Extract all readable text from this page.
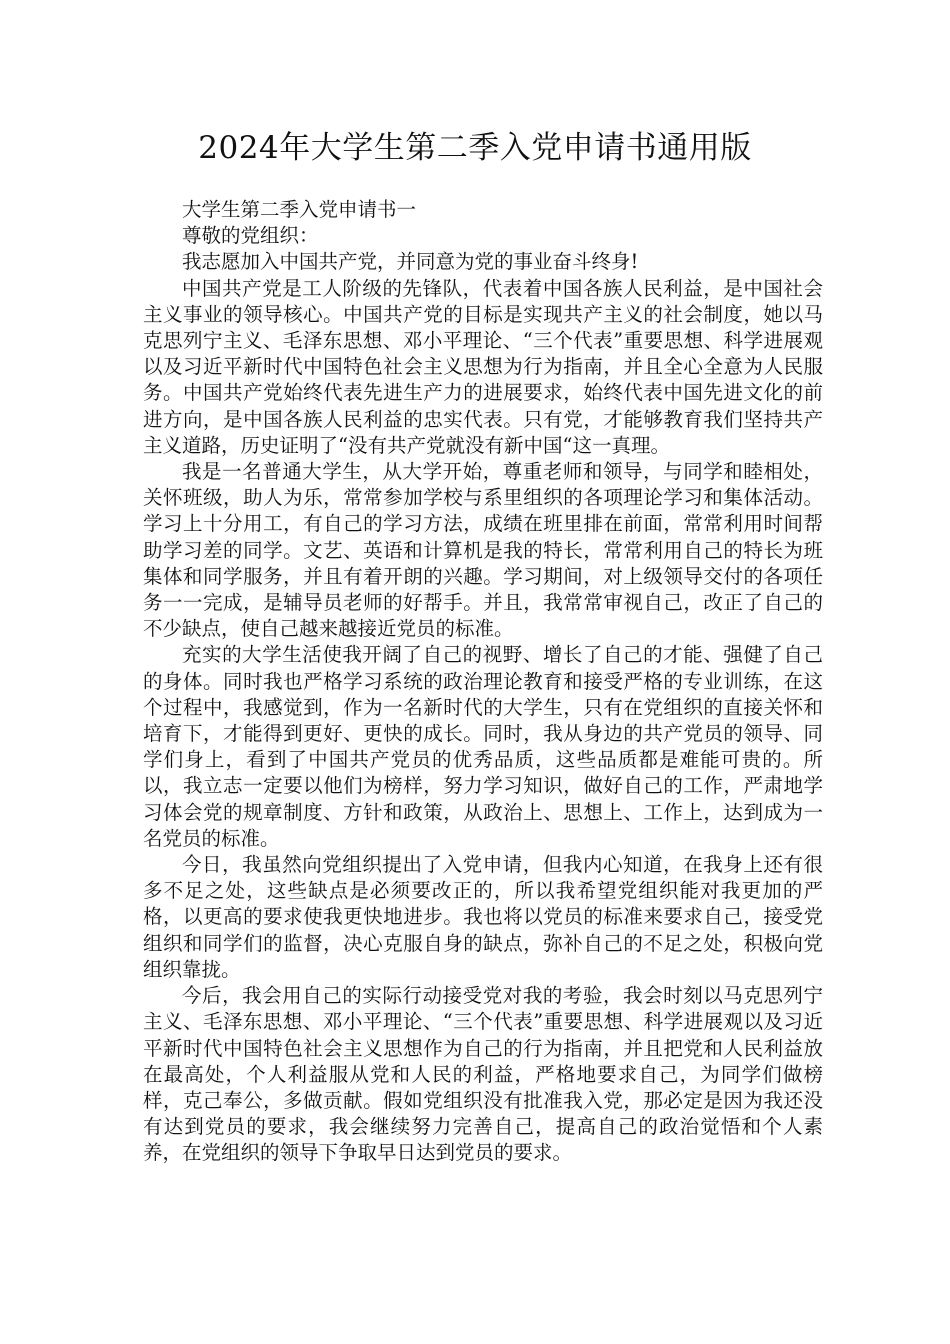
2024年大学生第二季入党申请书通用版

大学生第二季入党申请书一

尊敬的党组织：

我志愿加入中国共产党，并同意为党的事业奋斗终身!

中国共产党是工人阶级的先锋队，代表着中国各族人民利益，是中国社会主义事业的领导核心。中国共产党的目标是实现共产主义的社会制度，她以马克思列宁主义、毛泽东思想、邓小平理论、“三个代表”重要思想、科学进展观以及习近平新时代中国特色社会主义思想为行为指南，并且全心全意为人民服务。中国共产党始终代表先进生产力的进展要求，始终代表中国先进文化的前进方向，是中国各族人民利益的忠实代表。只有党，才能够教育我们坚持共产主义道路，历史证明了“没有共产党就没有新中国“这一真理。

我是一名普通大学生，从大学开始，尊重老师和领导，与同学和睦相处，关怀班级，助人为乐，常常参加学校与系里组织的各项理论学习和集体活动。学习上十分用工，有自己的学习方法，成绩在班里排在前面，常常利用时间帮助学习差的同学。文艺、英语和计算机是我的特长，常常利用自己的特长为班集体和同学服务，并且有着开朗的兴趣。学习期间，对上级领导交付的各项任务一一完成，是辅导员老师的好帮手。并且，我常常审视自己，改正了自己的不少缺点，使自己越来越接近党员的标准。

充实的大学生活使我开阔了自己的视野、增长了自己的才能、强健了自己的身体。同时我也严格学习系统的政治理论教育和接受严格的专业训练，在这个过程中，我感觉到，作为一名新时代的大学生，只有在党组织的直接关怀和培育下，才能得到更好、更快的成长。同时，我从身边的共产党员的领导、同学们身上，看到了中国共产党员的优秀品质，这些品质都是难能可贵的。所以，我立志一定要以他们为榜样，努力学习知识，做好自己的工作，严肃地学习体会党的规章制度、方针和政策，从政治上、思想上、工作上，达到成为一名党员的标准。

今日，我虽然向党组织提出了入党申请，但我内心知道，在我身上还有很多不足之处，这些缺点是必须要改正的，所以我希望党组织能对我更加的严格，以更高的要求使我更快地进步。我也将以党员的标准来要求自己，接受党组织和同学们的监督，决心克服自身的缺点，弥补自己的不足之处，积极向党组织靠拢。

今后，我会用自己的实际行动接受党对我的考验，我会时刻以马克思列宁主义、毛泽东思想、邓小平理论、“三个代表”重要思想、科学进展观以及习近平新时代中国特色社会主义思想作为自己的行为指南，并且把党和人民利益放在最高处，个人利益服从党和人民的利益，严格地要求自己，为同学们做榜样，克己奉公，多做贡献。假如党组织没有批准我入党，那必定是因为我还没有达到党员的要求，我会继续努力完善自己，提高自己的政治觉悟和个人素养，在党组织的领导下争取早日达到党员的要求。
